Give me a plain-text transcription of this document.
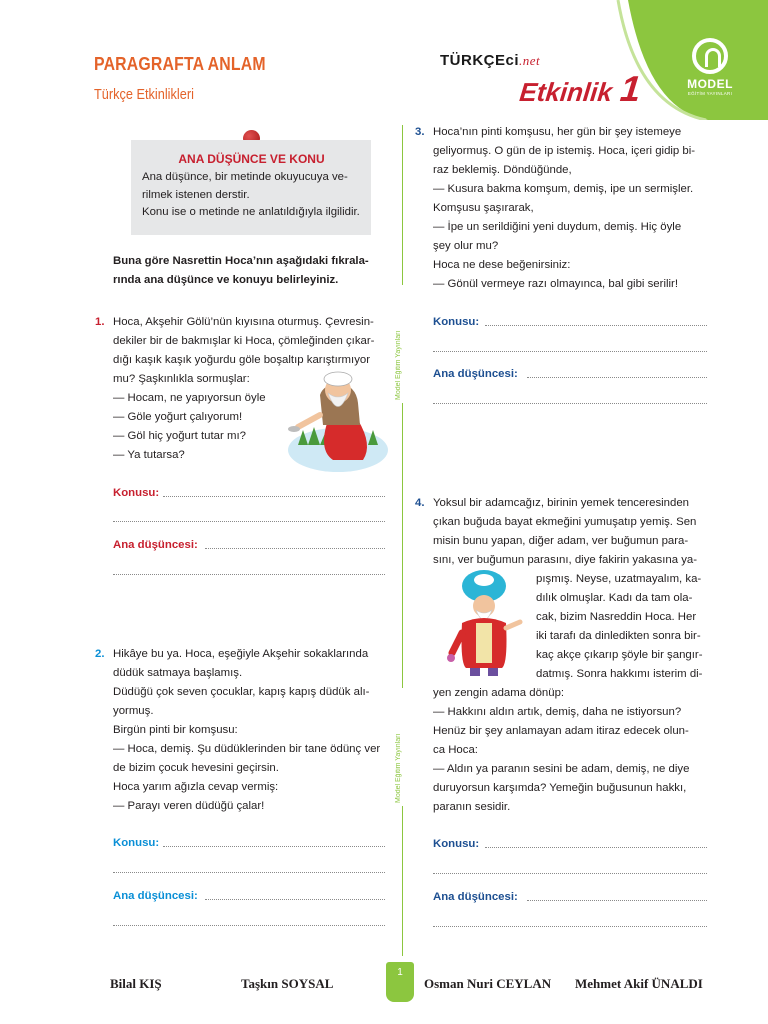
MODEL
EĞİTİM YAYINLARI
PARAGRAFTA ANLAM
Türkçe Etkinlikleri
TÜRKÇEci.net
Etkinlik 1
ANA DÜŞÜNCE VE KONU
Ana düşünce, bir metinde okuyucuya ve-
rilmek istenen derstir.
Konu ise o metinde ne anlatıldığıyla ilgilidir.
Buna göre Nasrettin Hoca’nın aşağıdaki fıkrala-
rında ana düşünce ve konuyu belirleyiniz.
1. Hoca, Akşehir Gölü’nün kıyısına oturmuş. Çevresin-
dekiler bir de bakmışlar ki Hoca, çömleğinden çıkar-
dığı kaşık kaşık yoğurdu göle boşaltıp karıştırmıyor
mu? Şaşkınlıkla sormuşlar:
— Hocam, ne yapıyorsun öyle
— Göle yoğurt çalıyorum!
— Göl hiç yoğurt tutar mı?
— Ya tutarsa?
Konusu:
Ana düşüncesi:
2. Hikâye bu ya. Hoca, eşeğiyle Akşehir sokaklarında
düdük satmaya başlamış.
Düdüğü çok seven çocuklar, kapış kapış düdük alı-
yormuş.
Birgün pinti bir komşusu:
— Hoca, demiş. Şu düdüklerinden bir tane ödünç ver
de bizim çocuk hevesini geçirsin.
Hoca yarım ağızla cevap vermiş:
— Parayı veren düdüğü çalar!
Konusu:
Ana düşüncesi:
Model Eğitim Yayınları
Model Eğitim Yayınları
3. Hoca’nın pinti komşusu, her gün bir şey istemeye
geliyormuş. O gün de ip istemiş. Hoca, içeri gidip bi-
raz beklemiş. Döndüğünde,
— Kusura bakma komşum, demiş, ipe un sermişler.
Komşusu şaşırarak,
— İpe un serildiğini yeni duydum, demiş. Hiç öyle
şey olur mu?
Hoca ne dese beğenirsiniz:
— Gönül vermeye razı olmayınca, bal gibi serilir!
Konusu:
Ana düşüncesi:
4. Yoksul bir adamcağız, birinin yemek tenceresinden
çıkan buğuda bayat ekmeğini yumuşatıp yemiş. Sen
misin bunu yapan, diğer adam, ver buğumun para-
sını, ver buğumun parasını, diye fakirin yakasına ya-
pışmış. Neyse, uzatmayalım, ka-
dılık olmuşlar. Kadı da tam ola-
cak, bizim Nasreddin Hoca. Her
iki tarafı da dinledikten sonra bir-
kaç akçe çıkarıp şöyle bir şangır-
datmış. Sonra hakkımı isterim di-
yen zengin adama dönüp:
— Hakkını aldın artık, demiş, daha ne istiyorsun?
Henüz bir şey anlamayan adam itiraz edecek olun-
ca Hoca:
— Aldın ya paranın sesini be adam, demiş, ne diye
duruyorsun karşımda? Yemeğin buğusunun hakkı,
paranın sesidir.
Konusu:
Ana düşüncesi:
Bilal KIŞ	Taşkın SOYSAL
1
Osman Nuri CEYLAN Mehmet Akif ÜNALDI
